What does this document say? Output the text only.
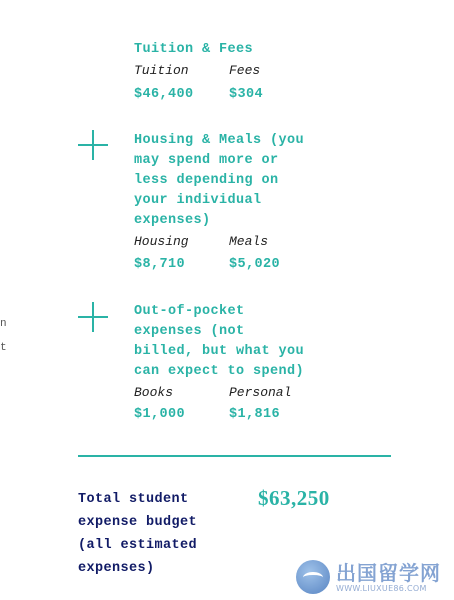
Tuition & Fees
Tuition	Fees
$46,400	$304
Housing & Meals (you
may spend more or
less depending on
your individual
expenses)
Housing	Meals
$8,710	$5,020
Out-of-pocket
expenses (not
billed, but what you
can expect to spend)
Books	Personal
$1,000	$1,816
Total student
expense budget
(all estimated
expenses)
$63,250
n
t
出国留学网
WWW.LIUXUE86.COM
